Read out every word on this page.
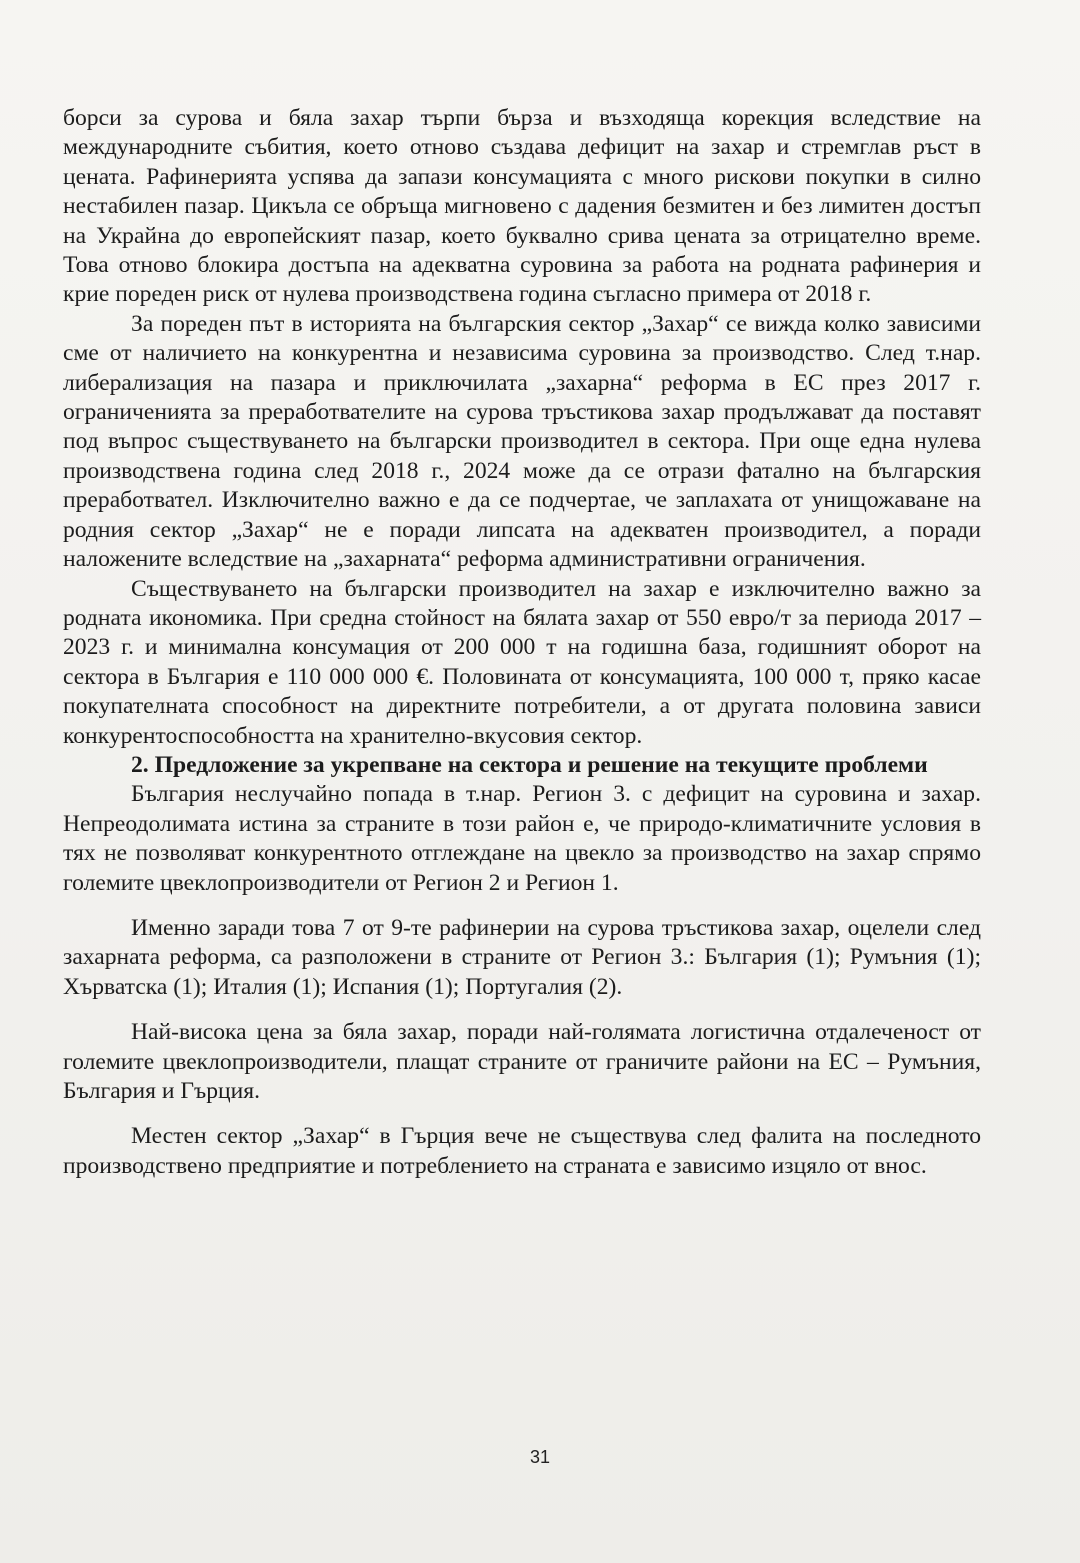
борси за сурова и бяла захар търпи бърза и възходяща корекция вследствие на международните събития, което отново създава дефицит на захар и стремглав ръст в цената. Рафинерията успява да запази консумацията с много рискови покупки в силно нестабилен пазар. Цикъла се обръща мигновено с дадения безмитен и без лимитен достъп на Украйна до европейският пазар, което буквално срива цената за отрицателно време. Това отново блокира достъпа на адекватна суровина за работа на родната рафинерия и крие пореден риск от нулева производствена година съгласно примера от 2018 г.

За пореден път в историята на българския сектор „Захар“ се вижда колко зависими сме от наличието на конкурентна и независима суровина за производство. След т.нар. либерализация на пазара и приключилата „захарна“ реформа в ЕС през 2017 г. ограниченията за преработвателите на сурова тръстикова захар продължават да поставят под въпрос съществуването на български производител в сектора. При още една нулева производствена година след 2018 г., 2024 може да се отрази фатално на българския преработвател. Изключително важно е да се подчертае, че заплахата от унищожаване на родния сектор „Захар“ не е поради липсата на адекватен производител, а поради наложените вследствие на „захарната“ реформа административни ограничения.

Съществуването на български производител на захар е изключително важно за родната икономика. При средна стойност на бялата захар от 550 евро/т за периода 2017 – 2023 г. и минимална консумация от 200 000 т на годишна база, годишният оборот на сектора в България е 110 000 000 €. Половината от консумацията, 100 000 т, пряко касае покупателната способност на директните потребители, а от другата половина зависи конкурентоспособността на хранително-вкусовия сектор.

2. Предложение за укрепване на сектора и решение на текущите проблеми

България неслучайно попада в т.нар. Регион 3. с дефицит на суровина и захар. Непреодолимата истина за страните в този район е, че природо-климатичните условия в тях не позволяват конкурентното отглеждане на цвекло за производство на захар спрямо големите цвеклопроизводители от Регион 2 и Регион 1.

Именно заради това 7 от 9-те рафинерии на сурова тръстикова захар, оцелели след захарната реформа, са разположени в страните от Регион 3.: България (1); Румъния (1); Хърватска (1); Италия (1); Испания (1); Португалия (2).

Най-висока цена за бяла захар, поради най-голямата логистична отдалеченост от големите цвеклопроизводители, плащат страните от граничите райони на ЕС – Румъния, България и Гърция.

Местен сектор „Захар“ в Гърция вече не съществува след фалита на последното производствено предприятие и потреблението на страната е зависимо изцяло от внос.

31
